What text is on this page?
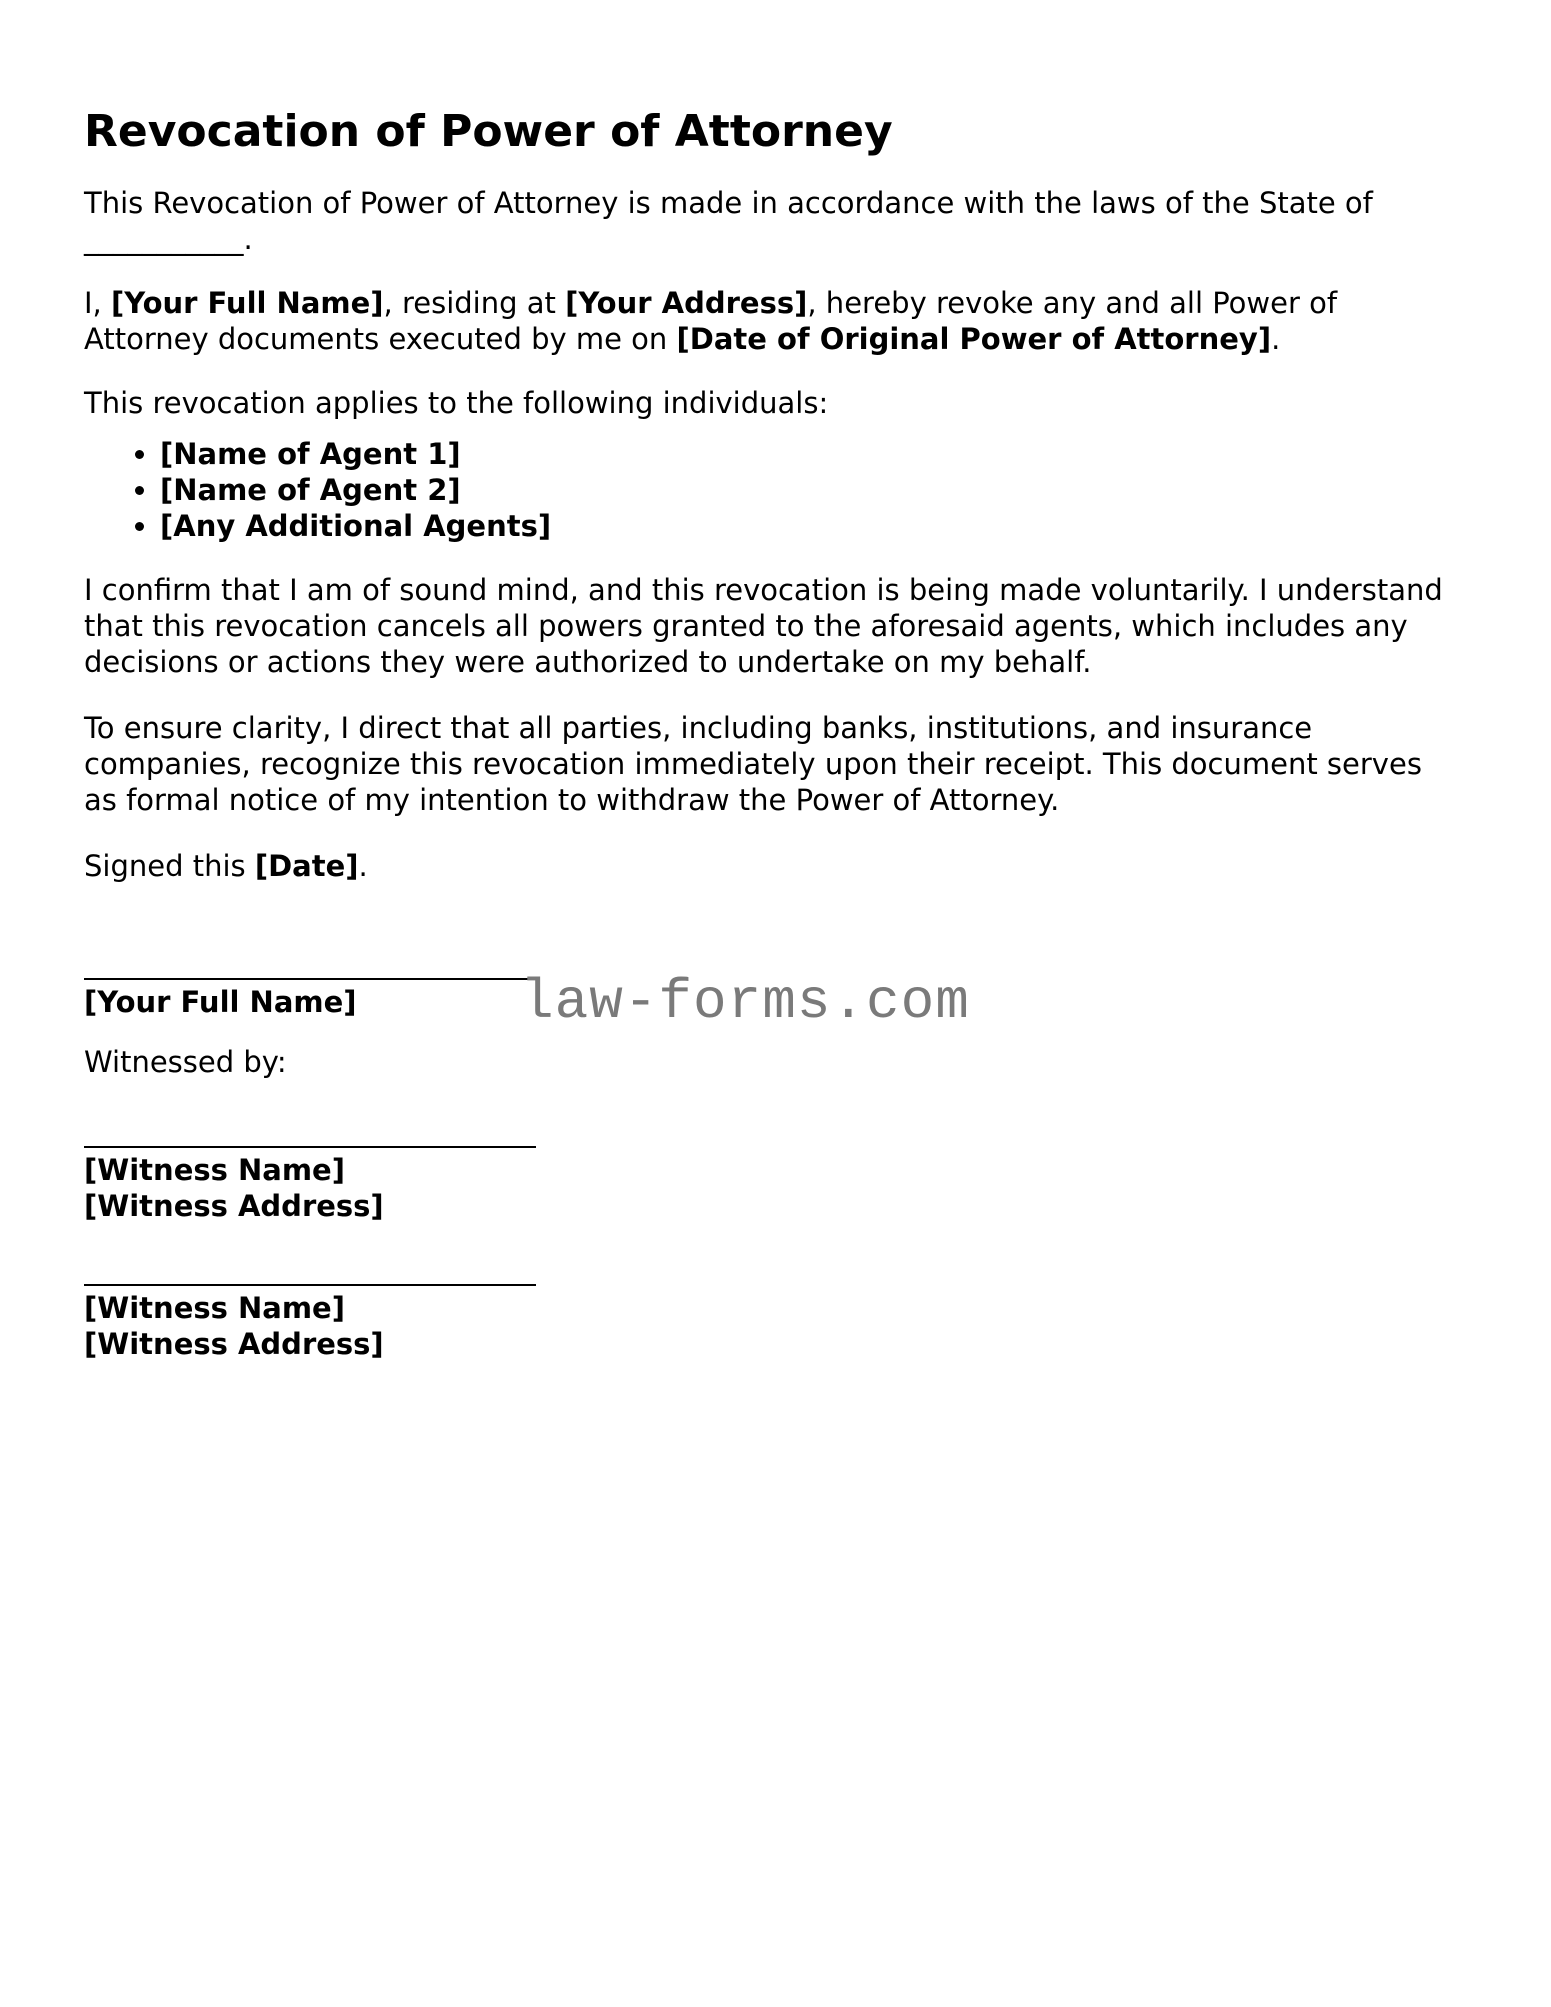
Revocation of Power of Attorney

This Revocation of Power of Attorney is made in accordance with the laws of the State of ___________.

I, [Your Full Name], residing at [Your Address], hereby revoke any and all Power of Attorney documents executed by me on [Date of Original Power of Attorney].

This revocation applies to the following individuals:

• [Name of Agent 1]
• [Name of Agent 2]
• [Any Additional Agents]

I confirm that I am of sound mind, and this revocation is being made voluntarily. I understand that this revocation cancels all powers granted to the aforesaid agents, which includes any decisions or actions they were authorized to undertake on my behalf.

To ensure clarity, I direct that all parties, including banks, institutions, and insurance companies, recognize this revocation immediately upon their receipt. This document serves as formal notice of my intention to withdraw the Power of Attorney.

Signed this [Date].

[Your Full Name]
Witnessed by:
[Witness Name]
[Witness Address]
[Witness Name]
[Witness Address]
law-forms.com
